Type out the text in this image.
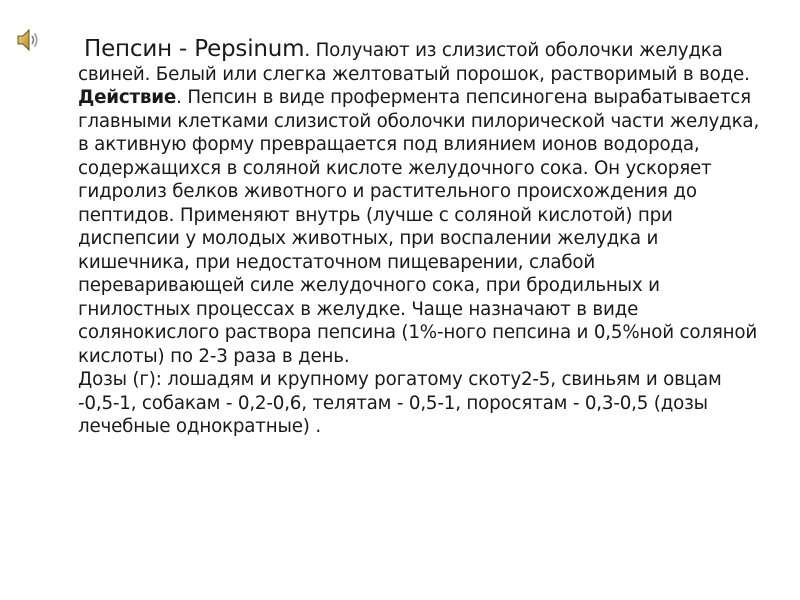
Пепсин - Pepsinum. Получают из слизистой оболочки желудка свиней. Белый или слегка желтоватый порошок, растворимый в воде.

Действие. Пепсин в виде профермента пепсиногена вырабатывается главными клетками слизистой оболочки пилорической части желудка, в активную форму превращается под влиянием ионов водорода, содержащихся в соляной кислоте желудочного сока. Он ускоряет гидролиз белков животного и растительного происхождения до пептидов. Применяют внутрь (лучше с соляной кислотой) при диспепсии у молодых животных, при воспалении желудка и кишечника, при недостаточном пищеварении, слабой переваривающей силе желудочного сока, при бродильных и гнилостных процессах в желудке. Чаще назначают в виде солянокислого раствора пепсина (1%-ного пепсина и 0,5%ной соляной кислоты) по 2-3 раза в день.

Дозы (г): лошадям и крупному рогатому скоту2-5, свиньям и овцам -0,5-1, собакам - 0,2-0,6, телятам - 0,5-1, поросятам - 0,3-0,5 (дозы лечебные однократные) .
